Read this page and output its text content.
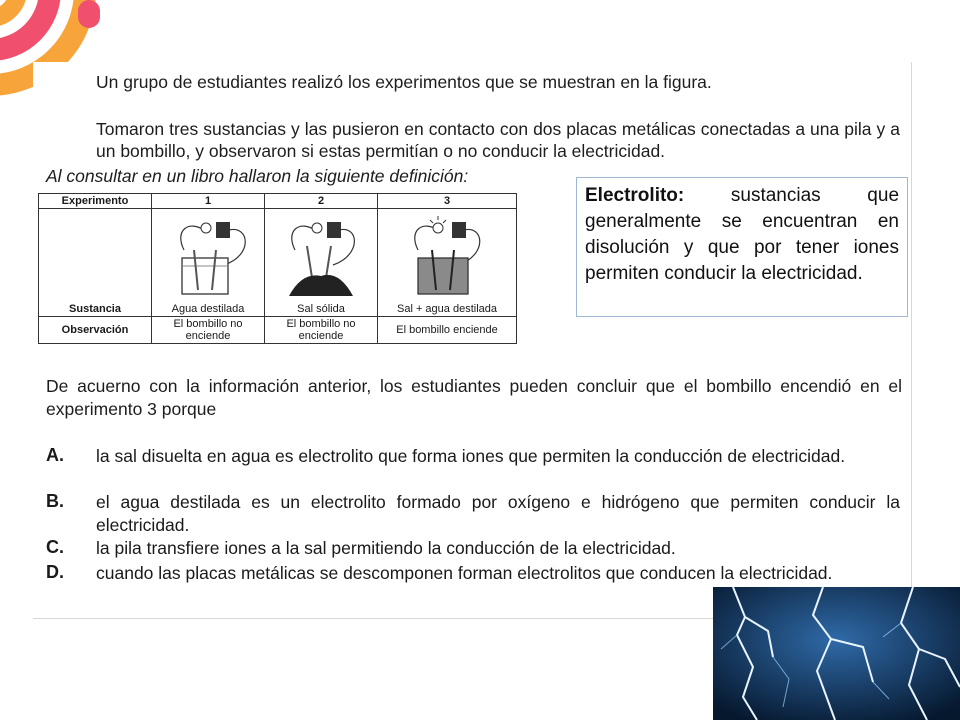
Un grupo de estudiantes realizó los experimentos que se muestran en la figura.
Tomaron tres sustancias y las pusieron en contacto con dos placas metálicas conectadas a una pila y a un bombillo, y observaron si estas permitían o no conducir la electricidad.
Al consultar en un libro hallaron la siguiente definición:
Electrolito: sustancias que generalmente se encuentran en disolución y que por tener iones permiten conducir la electricidad.
Experimento	1	2	3
Sustancia	Agua destilada	Sal sólida	Sal + agua destilada

Observación	El bombillo no enciende	El bombillo no enciende	El bombillo enciende
De acuerno con la información anterior, los estudiantes pueden concluir que el bombillo encendió en el experimento 3 porque
A. la sal disuelta en agua es electrolito que forma iones que permiten la conducción de electricidad.
B. el agua destilada es un electrolito formado por oxígeno e hidrógeno que permiten conducir la electricidad.
C. la pila transfiere iones a la sal permitiendo la conducción de la electricidad.
D. cuando las placas metálicas se descomponen forman electrolitos que conducen la electricidad.
